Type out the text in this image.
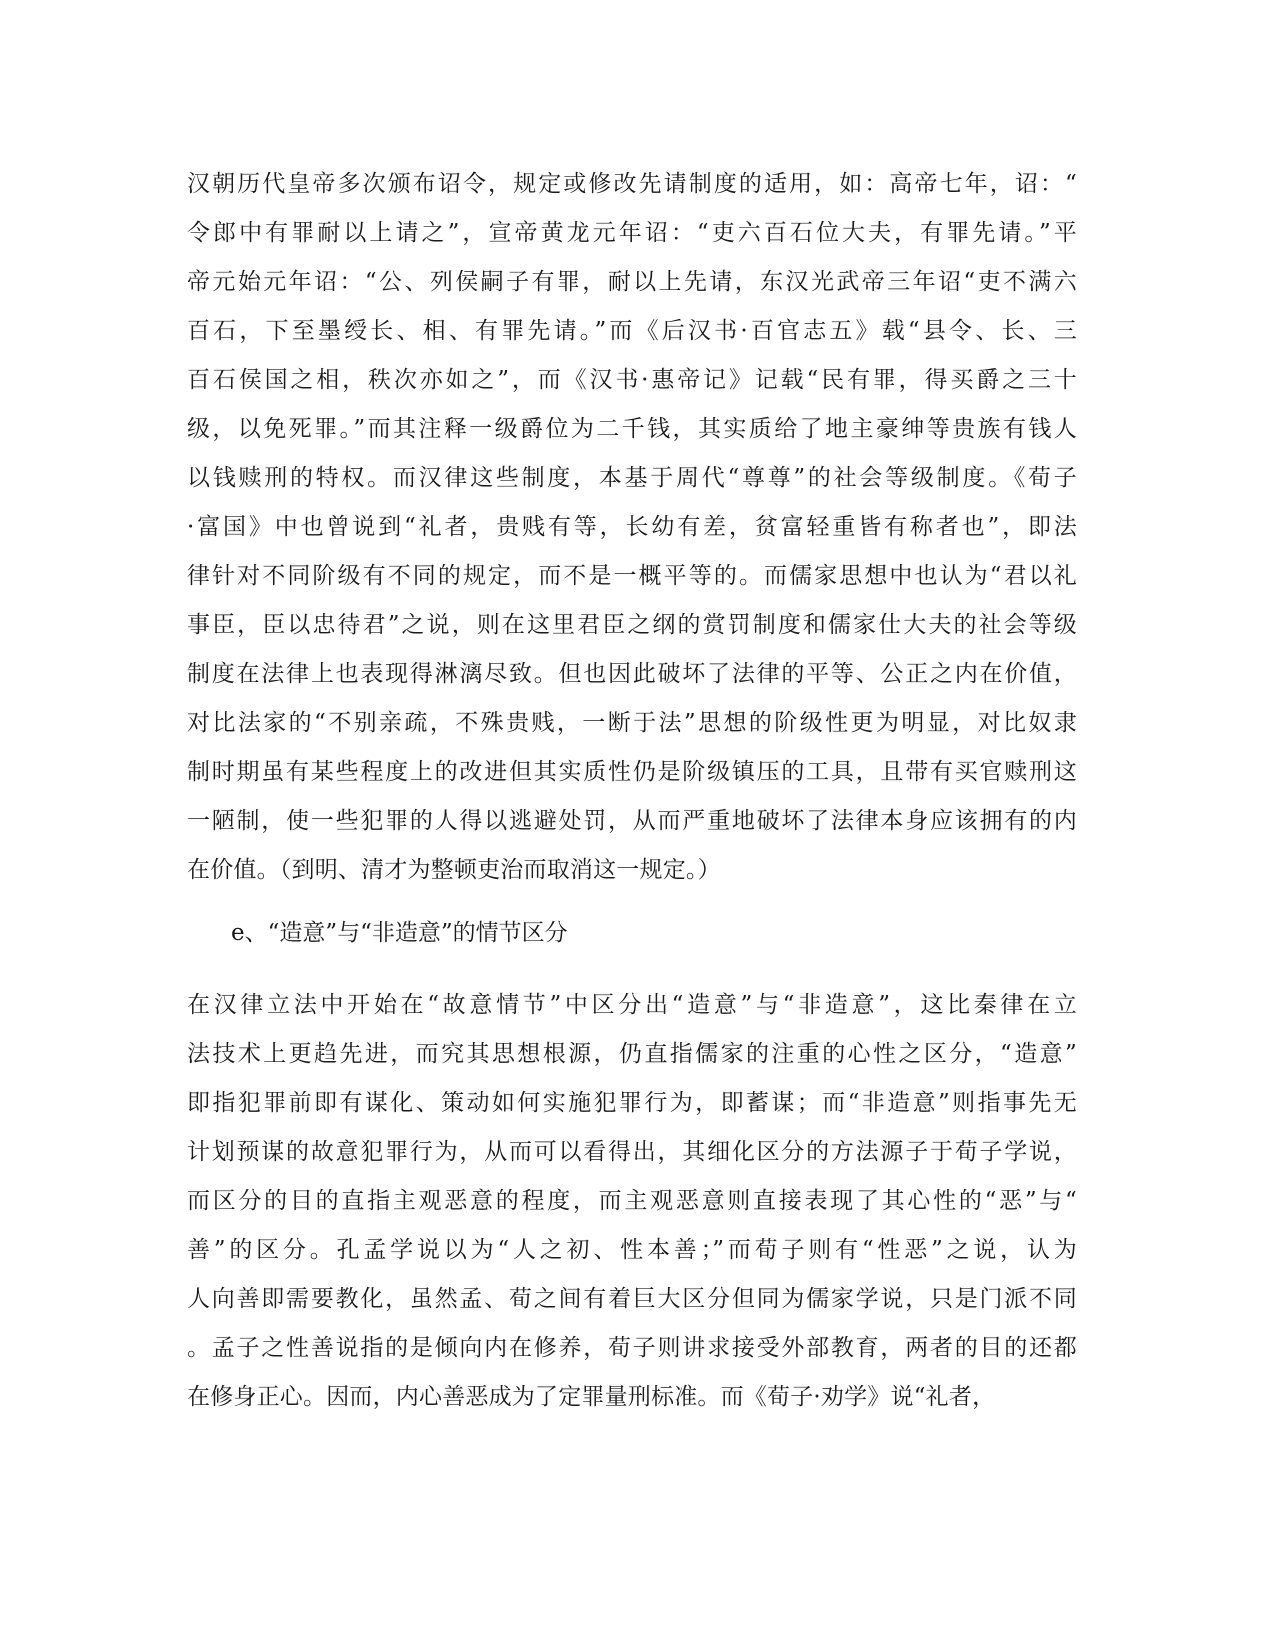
汉朝历代皇帝多次颁布诏令，规定或修改先请制度的适用，如：高帝七年，诏：“
令郎中有罪耐以上请之”，宣帝黄龙元年诏：“吏六百石位大夫，有罪先请。”平
帝元始元年诏：“公、列侯嗣子有罪，耐以上先请，东汉光武帝三年诏“吏不满六
百石，下至墨绶长、相、有罪先请。”而《后汉书·百官志五》载“县令、长、三
百石侯国之相，秩次亦如之”，而《汉书·惠帝记》记载“民有罪，得买爵之三十
级，以免死罪。”而其注释一级爵位为二千钱，其实质给了地主豪绅等贵族有钱人
以钱赎刑的特权。而汉律这些制度，本基于周代“尊尊”的社会等级制度。《荀子
·富国》中也曾说到“礼者，贵贱有等，长幼有差，贫富轻重皆有称者也”，即法
律针对不同阶级有不同的规定，而不是一概平等的。而儒家思想中也认为“君以礼
事臣，臣以忠待君”之说，则在这里君臣之纲的赏罚制度和儒家仕大夫的社会等级
制度在法律上也表现得淋漓尽致。但也因此破坏了法律的平等、公正之内在价值，
对比法家的“不别亲疏，不殊贵贱，一断于法”思想的阶级性更为明显，对比奴隶
制时期虽有某些程度上的改进但其实质性仍是阶级镇压的工具，且带有买官赎刑这
一陋制，使一些犯罪的人得以逃避处罚，从而严重地破坏了法律本身应该拥有的内
在价值。（到明、清才为整顿吏治而取消这一规定。）
e、“造意”与“非造意”的情节区分
在汉律立法中开始在“故意情节”中区分出“造意”与“非造意”，这比秦律在立
法技术上更趋先进，而究其思想根源，仍直指儒家的注重的心性之区分，“造意”
即指犯罪前即有谋化、策动如何实施犯罪行为，即蓄谋；而“非造意”则指事先无
计划预谋的故意犯罪行为，从而可以看得出，其细化区分的方法源子于荀子学说，
而区分的目的直指主观恶意的程度，而主观恶意则直接表现了其心性的“恶”与“
善”的区分。孔孟学说以为“人之初、性本善；”而荀子则有“性恶”之说，认为
人向善即需要教化，虽然孟、荀之间有着巨大区分但同为儒家学说，只是门派不同
。孟子之性善说指的是倾向内在修养，荀子则讲求接受外部教育，两者的目的还都
在修身正心。因而，内心善恶成为了定罪量刑标准。而《荀子·劝学》说“礼者，
